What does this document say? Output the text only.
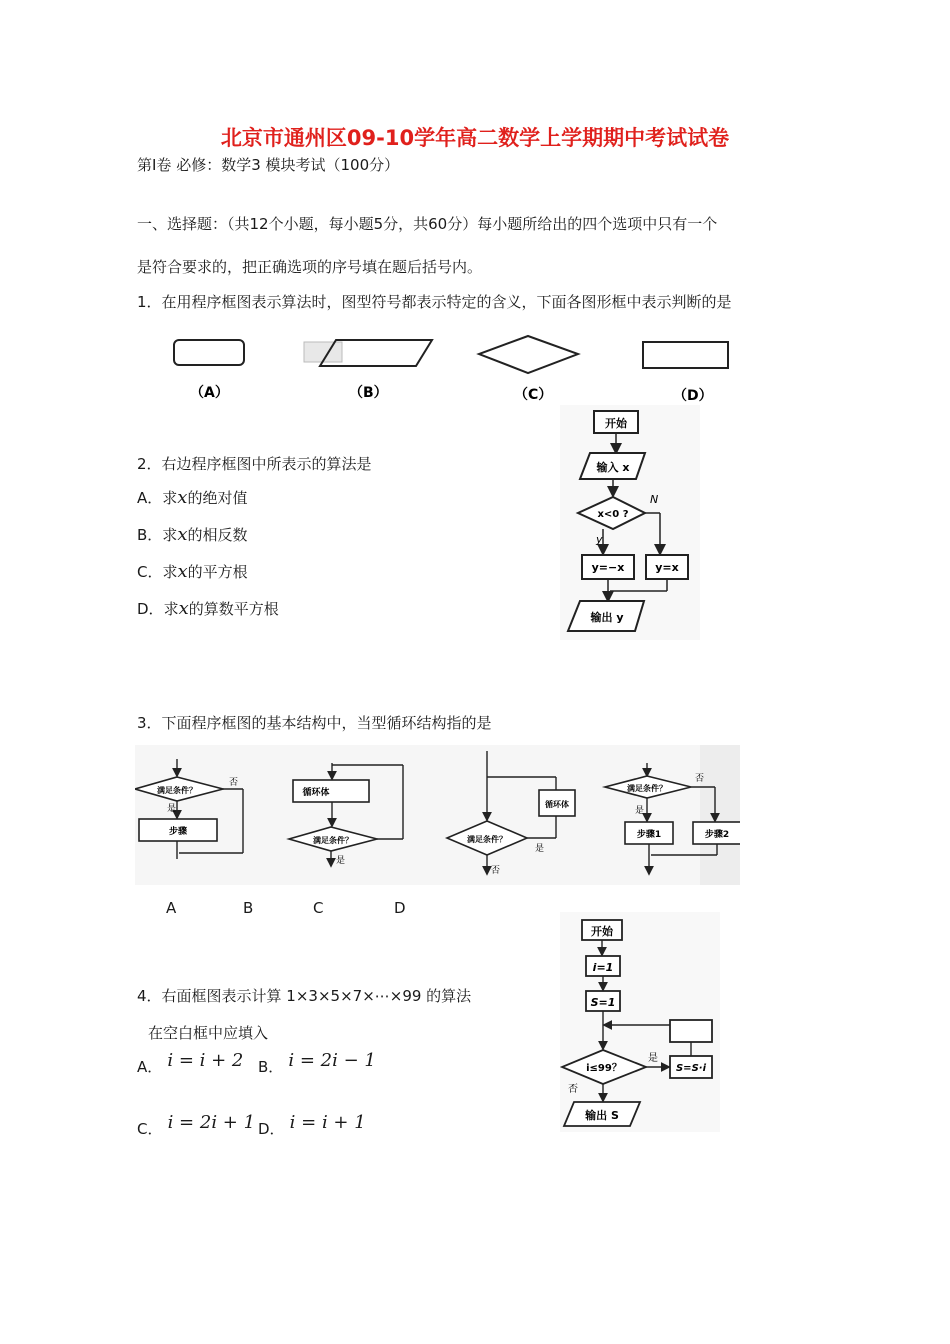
北京市通州区09-10学年高二数学上学期期中考试试卷
第I卷 必修：数学3 模块考试（100分）
一、选择题：（共12个小题，每小题5分，共60分）每小题所给出的四个选项中只有一个
是符合要求的，把正确选项的序号填在题后括号内。
1．在用程序框图表示算法时，图型符号都表示特定的含义，下面各图形框中表示判断的是
（A）	（B）	（C）	（D）
2．右边程序框图中所表示的算法是
A．求x的绝对值
B．求x的相反数
C．求x的平方根
D．求x的算数平方根
开始
输入 x
x<0 ?
N
y
y=−x	y=x
输出 y
3．下面程序框图的基本结构中，当型循环结构指的是
满足条件？
否
是
步骤
循环体
满足条件？
是
循环体
满足条件？
是
否
满足条件？
否
是
步骤1	步骤2
A	B	C	D
4．右面框图表示计算 1×3×5×7×⋯×99 的算法
在空白框中应填入
A． i = i + 2 B． i = 2i − 1
C． i = 2i + 1 D． i = i + 1
开始
i=1
S=1
i≤99？
是
S=S·i
否
输出 S
